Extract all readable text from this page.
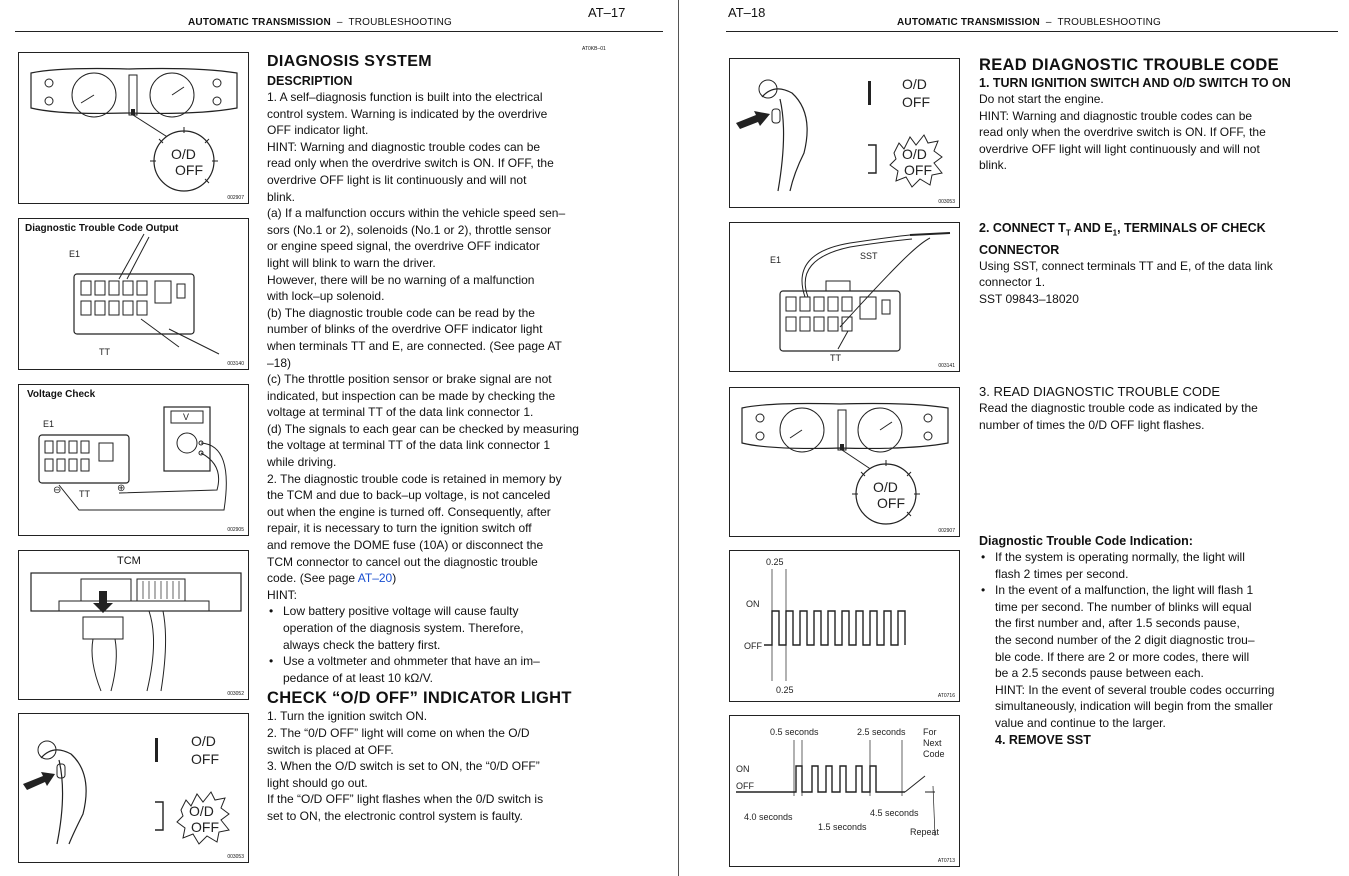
AUTOMATIC TRANSMISSION – TROUBLESHOOTING
AT–17
AT0KB–01
AT–18
AUTOMATIC TRANSMISSION – TROUBLESHOOTING
O/D
OFF
002907
Diagnostic Trouble Code Output
E1
TT
003140
Voltage Check
V
E1
TT
⊖	⊕
002905
TCM
003052
O/D
OFF
O/D
OFF
003053
DIAGNOSIS SYSTEM
DESCRIPTION

1. A self–diagnosis function is built into the electrical

control system. Warning is indicated by the overdrive

OFF indicator light.

HINT: Warning and diagnostic trouble codes can be

read only when the overdrive switch is ON. If OFF, the

overdrive OFF light is lit continuously and will not

blink.

(a) If a malfunction occurs within the vehicle speed sen–

sors (No.1 or 2), solenoids (No.1 or 2), throttle sensor

or engine speed signal, the overdrive OFF indicator

light will blink to warn the driver.

However, there will be no warning of a malfunction

with lock–up solenoid.

(b) The diagnostic trouble code can be read by the

number of blinks of the overdrive OFF indicator light

when terminals TT and E, are connected. (See page AT

–18)

(c) The throttle position sensor or brake signal are not

indicated, but inspection can be made by checking the

voltage at terminal TT of the data link connector 1.

(d) The signals to each gear can be checked by measuring

the voltage at terminal TT of the data link connector 1

while driving.

2. The diagnostic trouble code is retained in memory by

the TCM and due to back–up voltage, is not canceled

out when the engine is turned off. Consequently, after

repair, it is necessary to turn the ignition switch off

and remove the DOME fuse (10A) or disconnect the

TCM connector to cancel out the diagnostic trouble

code. (See page AT–20)

HINT:

• Low battery positive voltage will cause faulty

operation of the diagnosis system. Therefore,

always check the battery first.

• Use a voltmeter and ohmmeter that have an im–

pedance of at least 10 kΩ/V.

CHECK “O/D OFF” INDICATOR LIGHT

1. Turn the ignition switch ON.

2. The “0/D OFF” light will come on when the O/D

switch is placed at OFF.

3. When the O/D switch is set to ON, the “0/D OFF”

light should go out.

If the “O/D OFF” light flashes when the 0/D switch is

set to ON, the electronic control system is faulty.

O/D
OFF
O/D
OFF
003053
E1	SST
TT
003141
O/D
OFF
002907
0.25
ON
OFF
0.25
AT0716
0.5 seconds	2.5 seconds For
Next
Code
ON
OFF
4.0 seconds
1.5 seconds
4.5 seconds
Repeat
AT0713
READ DIAGNOSTIC TROUBLE CODE
1. TURN IGNITION SWITCH AND O/D SWITCH TO ON

Do not start the engine.

HINT: Warning and diagnostic trouble codes can be

read only when the overdrive switch is ON. If OFF, the

overdrive OFF light will light continuously and will not

blink.

2. CONNECT $T_T$ AND $E_1$, TERMINALS OF CHECK
CONNECTOR

Using SST, connect terminals TT and E, of the data link

connector 1.

SST 09843–18020

3. READ DIAGNOSTIC TROUBLE CODE

Read the diagnostic trouble code as indicated by the

number of times the 0/D OFF light flashes.

Diagnostic Trouble Code Indication:

• If the system is operating normally, the light will

flash 2 times per second.

• In the event of a malfunction, the light will flash 1

time per second. The number of blinks will equal

the first number and, after 1.5 seconds pause,

the second number of the 2 digit diagnostic trou–

ble code. If there are 2 or more codes, there will

be a 2.5 seconds pause between each.

HINT: In the event of several trouble codes occurring

simultaneously, indication will begin from the smaller

value and continue to the larger.

4. REMOVE SST
